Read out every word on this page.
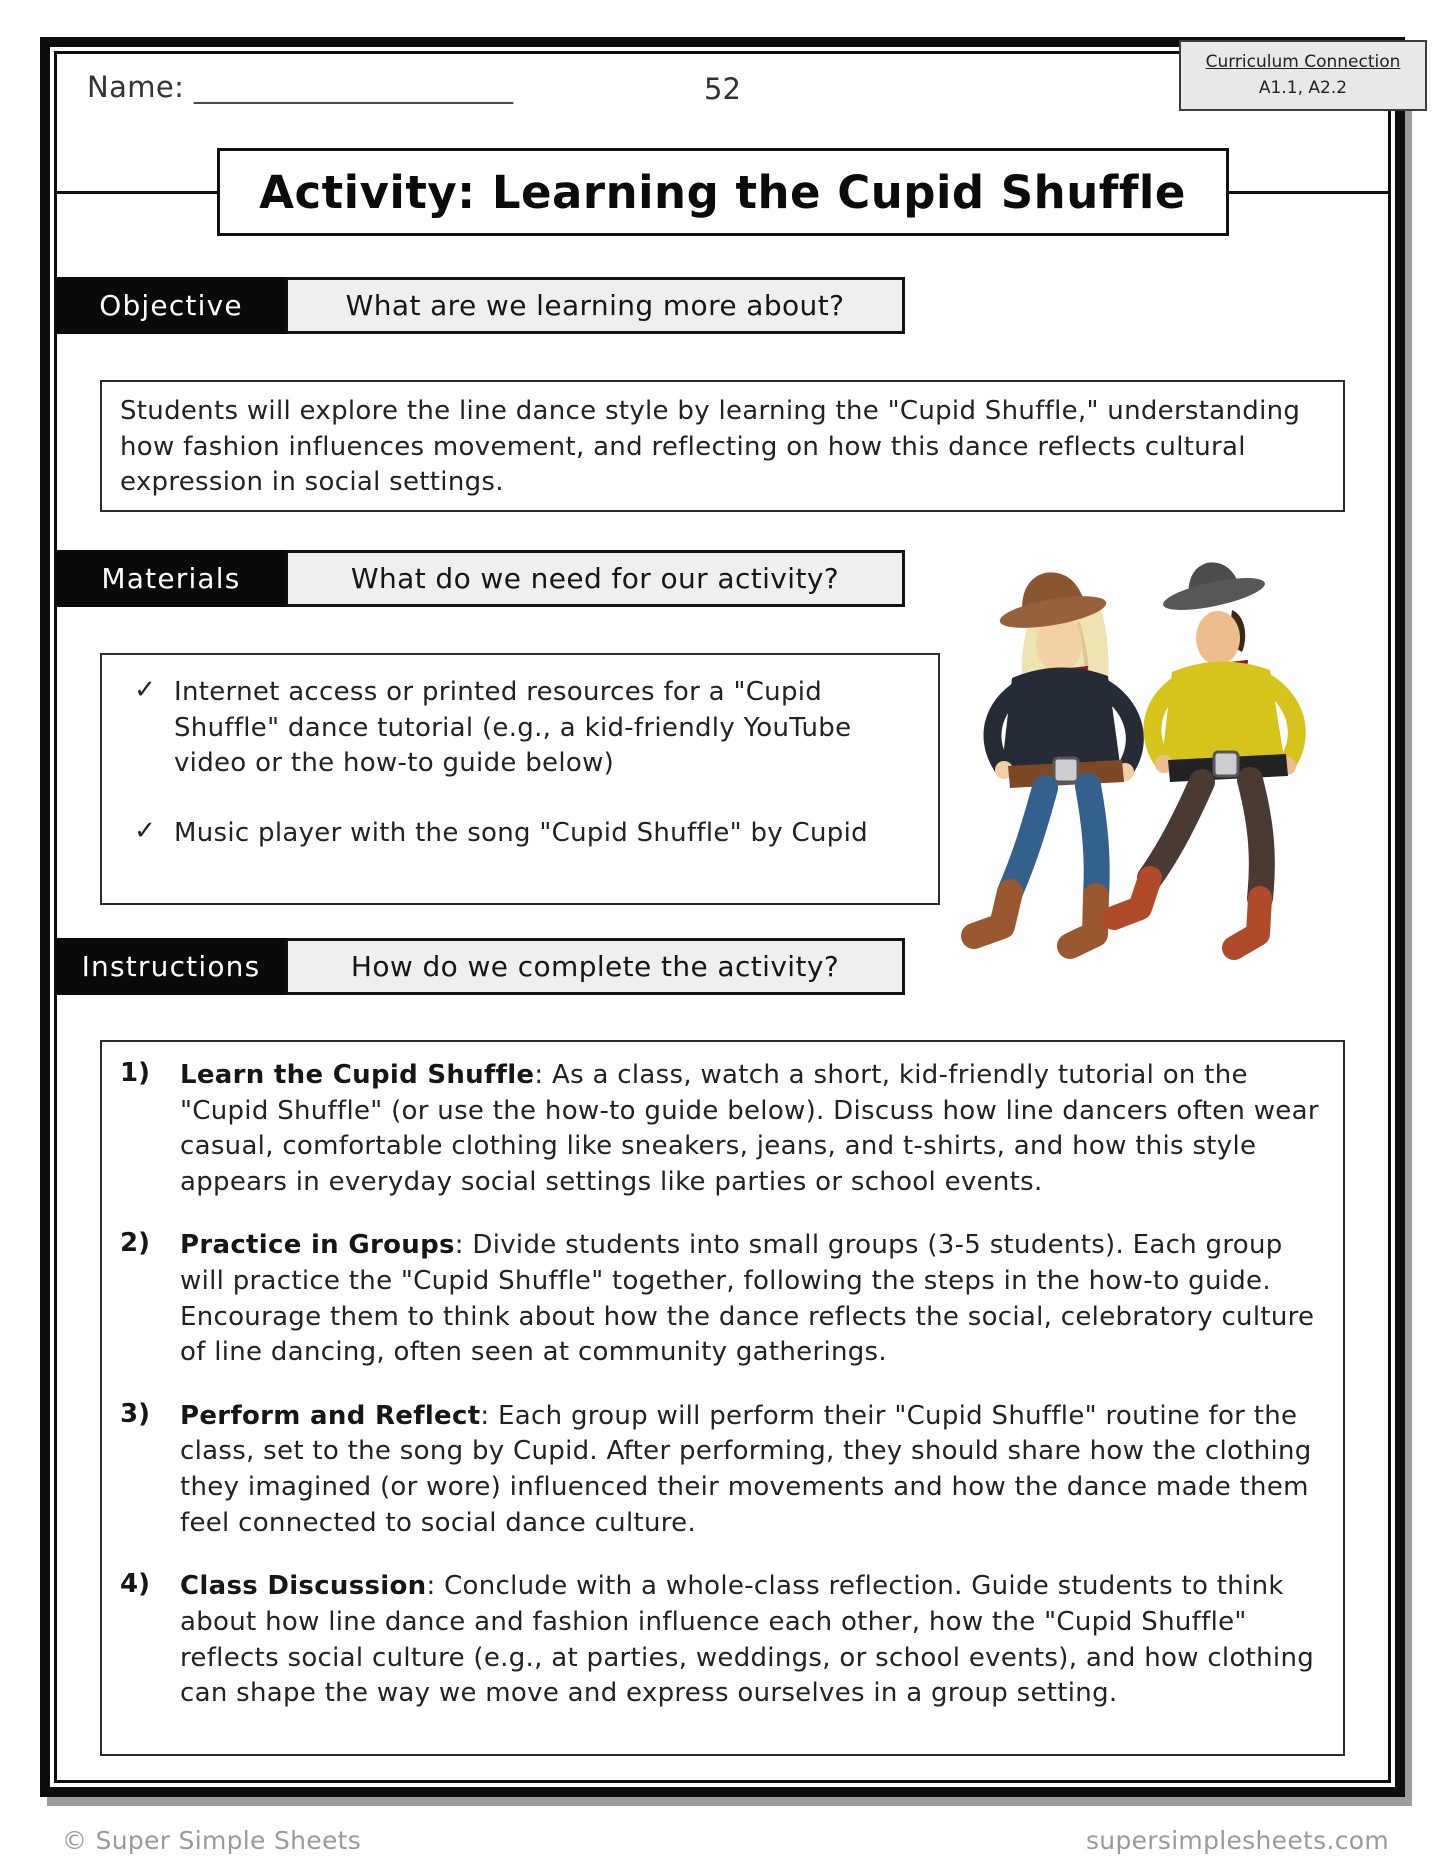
Name: ______________________	52
Activity: Learning the Cupid Shuffle
Objective	What are we learning more about?
Students will explore the line dance style by learning the "Cupid Shuffle," understanding how fashion influences movement, and reflecting on how this dance reflects cultural expression in social settings.
Materials	What do we need for our activity?
✓ Internet access or printed resources for a "Cupid Shuffle" dance tutorial (e.g., a kid-friendly YouTube video or the how-to guide below)
✓ Music player with the song "Cupid Shuffle" by Cupid
Instructions	How do we complete the activity?
1)	Learn the Cupid Shuffle: As a class, watch a short, kid-friendly tutorial on the "Cupid Shuffle" (or use the how-to guide below). Discuss how line dancers often wear casual, comfortable clothing like sneakers, jeans, and t-shirts, and how this style appears in everyday social settings like parties or school events.
2)	Practice in Groups: Divide students into small groups (3-5 students). Each group will practice the "Cupid Shuffle" together, following the steps in the how-to guide. Encourage them to think about how the dance reflects the social, celebratory culture of line dancing, often seen at community gatherings.
3)	Perform and Reflect: Each group will perform their "Cupid Shuffle" routine for the class, set to the song by Cupid. After performing, they should share how the clothing they imagined (or wore) influenced their movements and how the dance made them feel connected to social dance culture.
4)	Class Discussion: Conclude with a whole-class reflection. Guide students to think about how line dance and fashion influence each other, how the "Cupid Shuffle" reflects social culture (e.g., at parties, weddings, or school events), and how clothing can shape the way we move and express ourselves in a group setting.
Curriculum Connection
A1.1, A2.2
© Super Simple Sheets	supersimplesheets.com
